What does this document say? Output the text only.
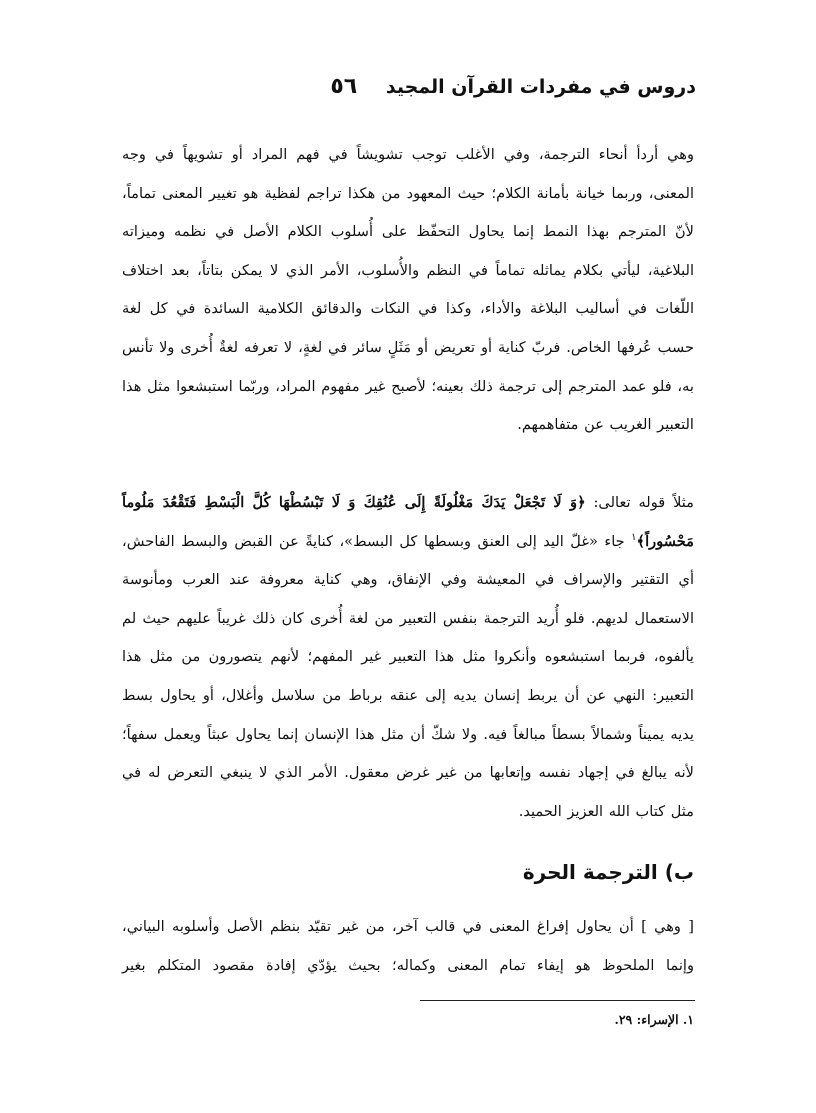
دروس في مفردات القرآن المجيد ٥٦

وهي أردأ أنحاء الترجمة، وفي الأغلب توجب تشويشاً في فهم المراد أو تشويهاً في وجه المعنى، وربما خيانة بأمانة الكلام؛ حيث المعهود من هكذا تراجم لفظية هو تغيير المعنى تماماً، لأنّ المترجم بهذا النمط إنما يحاول التحفّظ على أُسلوب الكلام الأصل في نظمه وميزاته البلاغية، ليأتي بكلام يماثله تماماً في النظم والأُسلوب، الأمر الذي لا يمكن بتاتاً، بعد اختلاف اللّغات في أساليب البلاغة والأداء، وكذا في النكات والدقائق الكلامية السائدة في كل لغة حسب عُرفها الخاص. فربّ كناية أو تعريض أو مَثَلٍ سائر في لغةٍ، لا تعرفه لغةٌ أُخرى ولا تأنس به، فلو عمد المترجم إلى ترجمة ذلك بعينه؛ لأصبح غير مفهوم المراد، وربّما استبشعوا مثل هذا التعبير الغريب عن متفاهمهم.

مثلاً قوله تعالى: ﴿وَ لَا تَجْعَلْ يَدَكَ مَغْلُولَةً إِلَى عُنُقِكَ وَ لَا تَبْسُطْهَا كُلَّ الْبَسْطِ فَتَقْعُدَ مَلُوماً مَحْسُوراً﴾$^١$ جاء «غلّ اليد إلى العنق وبسطها كل البسط»، كنايةً عن القبض والبسط الفاحش، أي التقتير والإسراف في المعيشة وفي الإنفاق، وهي كناية معروفة عند العرب ومأنوسة الاستعمال لديهم. فلو أُريد الترجمة بنفس التعبير من لغة أُخرى كان ذلك غريباً عليهم حيث لم يألفوه، فربما استبشعوه وأنكروا مثل هذا التعبير غير المفهم؛ لأنهم يتصورون من مثل هذا التعبير: النهي عن أن يربط إنسان يديه إلى عنقه برباط من سلاسل وأغلال، أو يحاول بسط يديه يميناً وشمالاً بسطاً مبالغاً فيه. ولا شكّ أن مثل هذا الإنسان إنما يحاول عبثاً ويعمل سفهاً؛ لأنه يبالغ في إجهاد نفسه وإتعابها من غير غرض معقول. الأمر الذي لا ينبغي التعرض له في مثل كتاب الله العزيز الحميد.

ب) الترجمة الحرة

[ وهي ] أن يحاول إفراغ المعنى في قالب آخر، من غير تقيّد بنظم الأصل وأسلوبه البياني، وإنما الملحوظ هو إيفاء تمام المعنى وكماله؛ بحيث يؤدّي إفادة مقصود المتكلم بغير

١. الإسراء: ٢٩.
